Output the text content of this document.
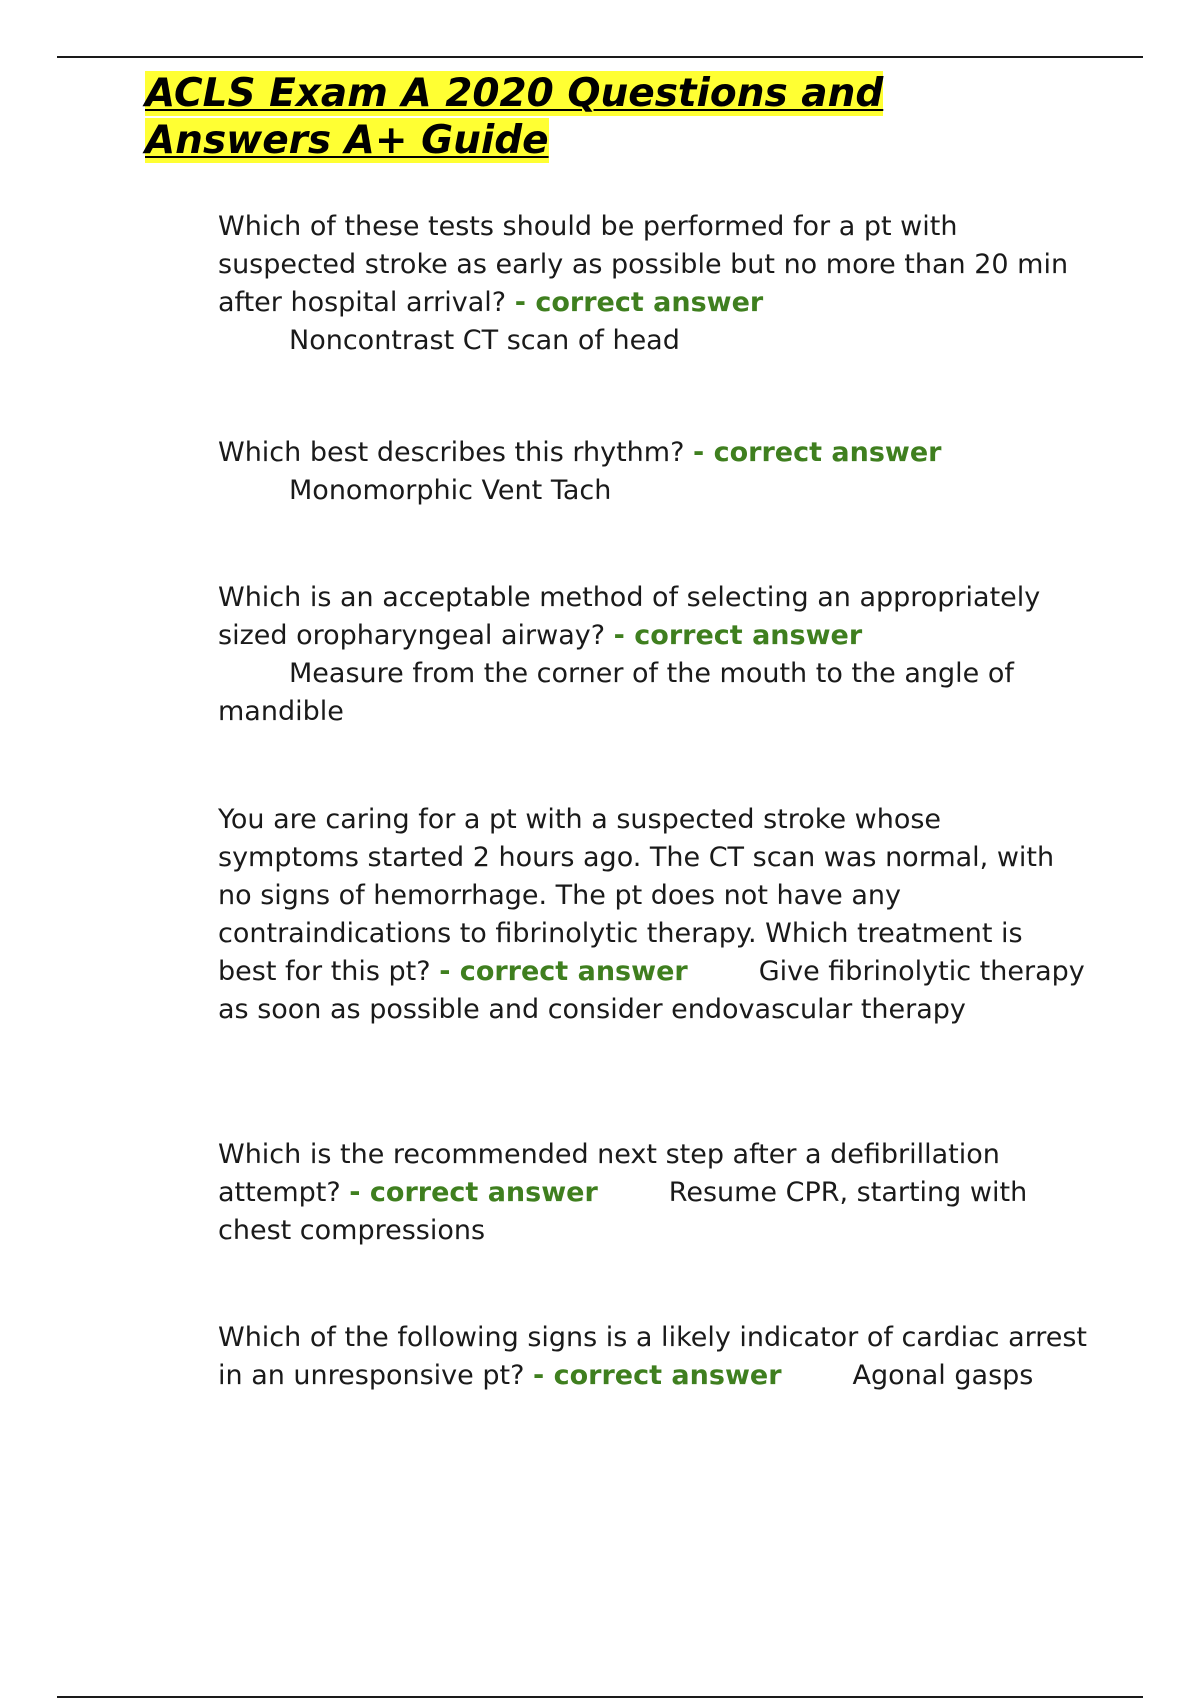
ACLS Exam A 2020 Questions and
Answers A+ Guide
Which of these tests should be performed for a pt with suspected stroke as early as possible but no more than 20 min after hospital arrival? - correct answer
Noncontrast CT scan of head
Which best describes this rhythm? - correct answer
Monomorphic Vent Tach
Which is an acceptable method of selecting an appropriately sized oropharyngeal airway? - correct answer
Measure from the corner of the mouth to the angle of mandible
You are caring for a pt with a suspected stroke whose symptoms started 2 hours ago. The CT scan was normal, with no signs of hemorrhage. The pt does not have any contraindications to fibrinolytic therapy. Which treatment is best for this pt? - correct answer	Give fibrinolytic therapy as soon as possible and consider endovascular therapy
Which is the recommended next step after a defibrillation attempt? - correct answer	Resume CPR, starting with chest compressions
Which of the following signs is a likely indicator of cardiac arrest in an unresponsive pt? - correct answer	Agonal gasps
